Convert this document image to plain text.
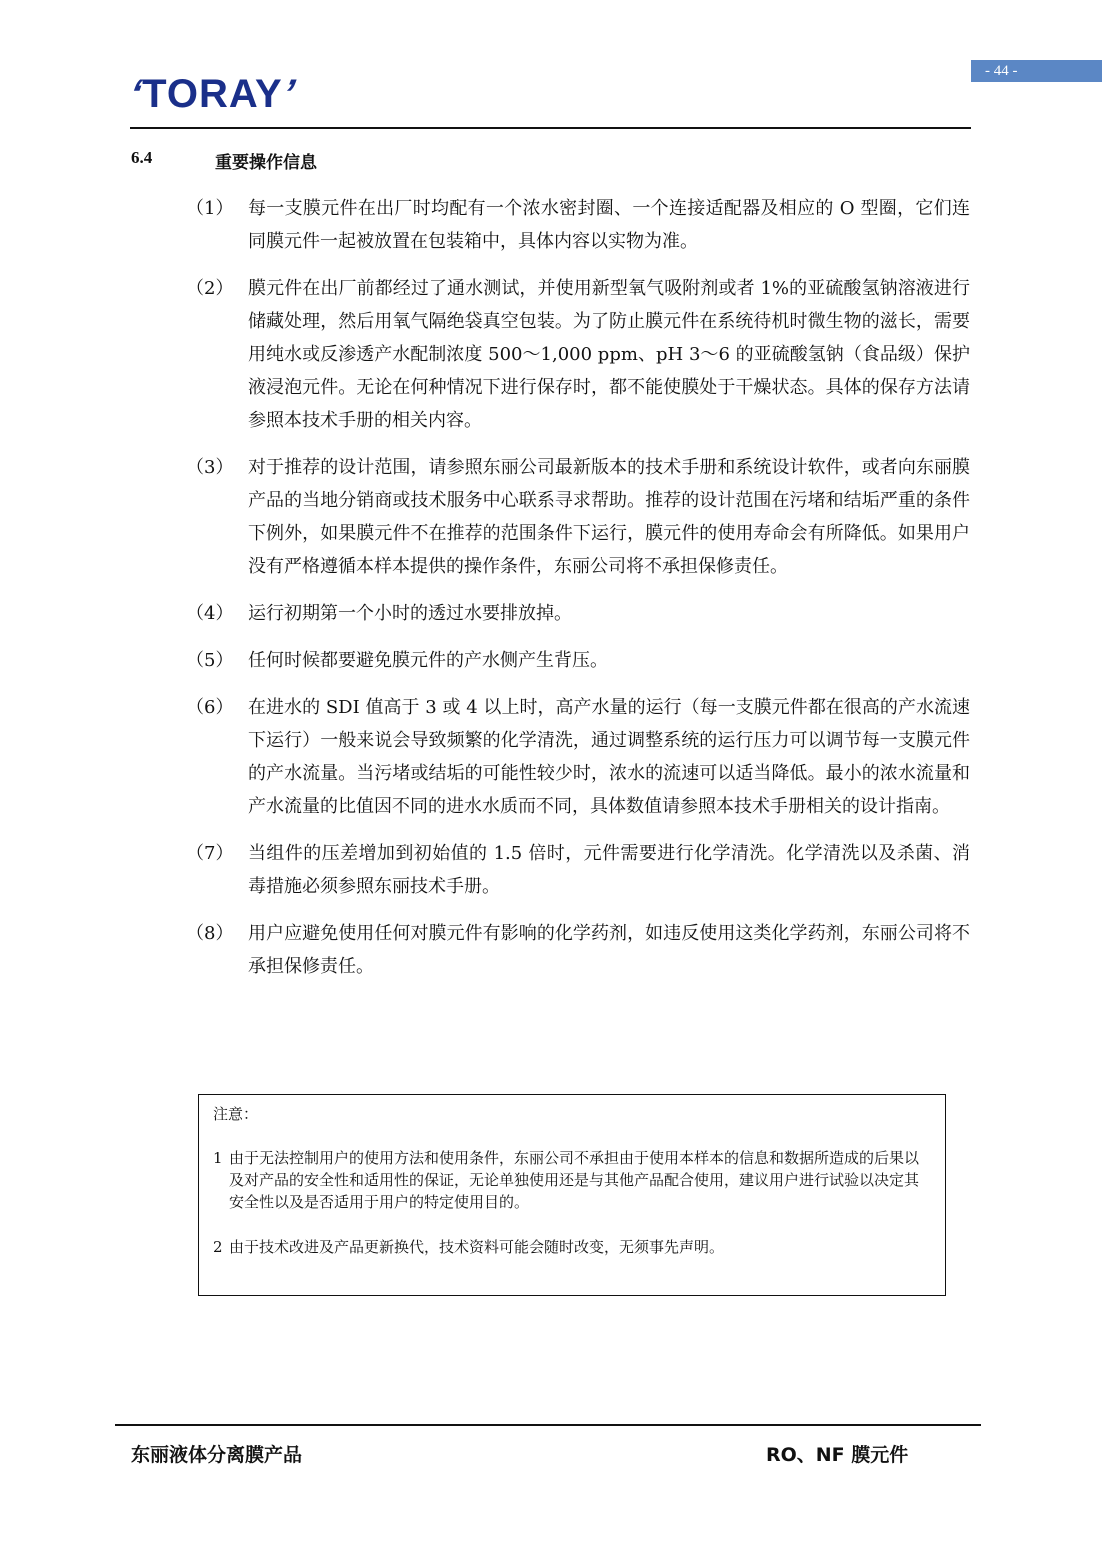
- 44 -
‘TORAY’
6.4	重要操作信息
（1） 每一支膜元件在出厂时均配有一个浓水密封圈、一个连接适配器及相应的 O 型圈，它们连同膜元件一起被放置在包装箱中，具体内容以实物为准。
（2） 膜元件在出厂前都经过了通水测试，并使用新型氧气吸附剂或者 1%的亚硫酸氢钠溶液进行储藏处理，然后用氧气隔绝袋真空包装。为了防止膜元件在系统待机时微生物的滋长，需要用纯水或反渗透产水配制浓度 500～1,000 ppm、pH 3～6 的亚硫酸氢钠（食品级）保护液浸泡元件。无论在何种情况下进行保存时，都不能使膜处于干燥状态。具体的保存方法请参照本技术手册的相关内容。
（3） 对于推荐的设计范围，请参照东丽公司最新版本的技术手册和系统设计软件，或者向东丽膜产品的当地分销商或技术服务中心联系寻求帮助。推荐的设计范围在污堵和结垢严重的条件下例外，如果膜元件不在推荐的范围条件下运行，膜元件的使用寿命会有所降低。如果用户没有严格遵循本样本提供的操作条件，东丽公司将不承担保修责任。
（4） 运行初期第一个小时的透过水要排放掉。
（5） 任何时候都要避免膜元件的产水侧产生背压。
（6） 在进水的 SDI 值高于 3 或 4 以上时，高产水量的运行（每一支膜元件都在很高的产水流速下运行）一般来说会导致频繁的化学清洗，通过调整系统的运行压力可以调节每一支膜元件的产水流量。当污堵或结垢的可能性较少时，浓水的流速可以适当降低。最小的浓水流量和产水流量的比值因不同的进水水质而不同，具体数值请参照本技术手册相关的设计指南。
（7） 当组件的压差增加到初始值的 1.5 倍时，元件需要进行化学清洗。化学清洗以及杀菌、消毒措施必须参照东丽技术手册。
（8） 用户应避免使用任何对膜元件有影响的化学药剂，如违反使用这类化学药剂，东丽公司将不承担保修责任。
注意：
1 由于无法控制用户的使用方法和使用条件，东丽公司不承担由于使用本样本的信息和数据所造成的后果以及对产品的安全性和适用性的保证，无论单独使用还是与其他产品配合使用，建议用户进行试验以决定其安全性以及是否适用于用户的特定使用目的。
2 由于技术改进及产品更新换代，技术资料可能会随时改变，无须事先声明。
东丽液体分离膜产品	RO、NF 膜元件
